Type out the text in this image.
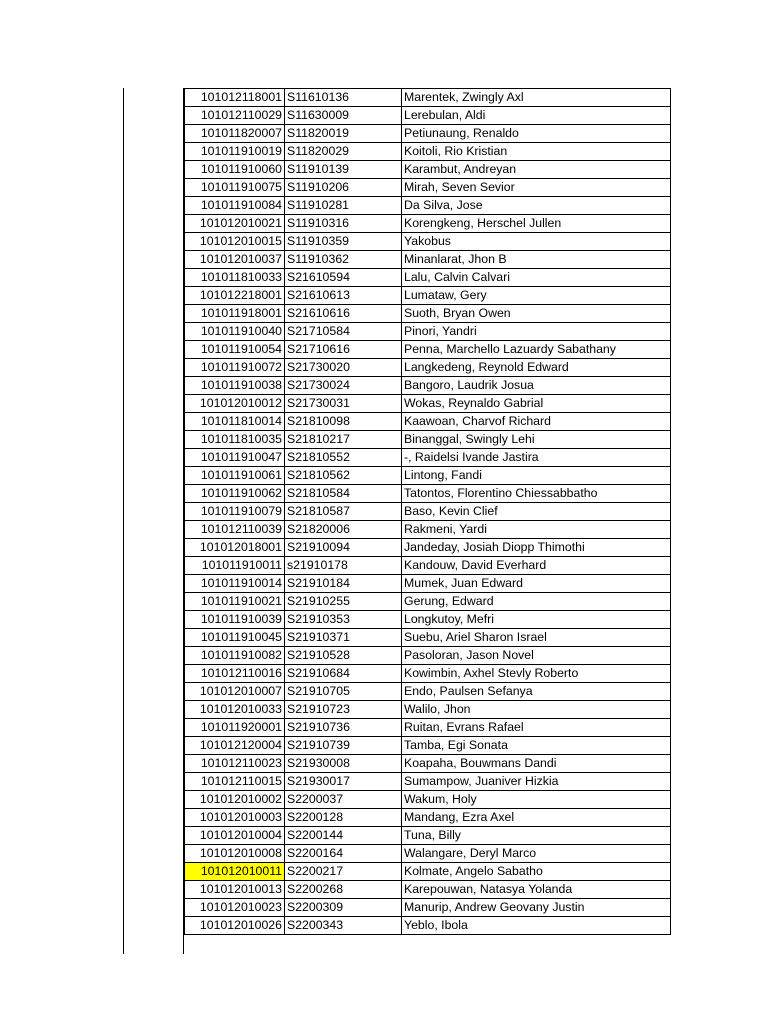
101012118001	S11610136	Marentek, Zwingly Axl
101012110029	S11630009	Lerebulan, Aldi
101011820007	S11820019	Petiunaung, Renaldo
101011910019	S11820029	Koitoli, Rio Kristian
101011910060	S11910139	Karambut, Andreyan
101011910075	S11910206	Mirah, Seven Sevior
101011910084	S11910281	Da Silva, Jose
101012010021	S11910316	Korengkeng, Herschel Jullen
101012010015	S11910359	Yakobus
101012010037	S11910362	Minanlarat, Jhon B
101011810033	S21610594	Lalu, Calvin Calvari
101012218001	S21610613	Lumataw, Gery
101011918001	S21610616	Suoth, Bryan Owen
101011910040	S21710584	Pinori, Yandri
101011910054	S21710616	Penna, Marchello Lazuardy Sabathany
101011910072	S21730020	Langkedeng, Reynold Edward
101011910038	S21730024	Bangoro, Laudrik Josua
101012010012	S21730031	Wokas, Reynaldo Gabrial
101011810014	S21810098	Kaawoan, Charvof Richard
101011810035	S21810217	Binanggal, Swingly Lehi
101011910047	S21810552	-, Raidelsi Ivande Jastira
101011910061	S21810562	Lintong, Fandi
101011910062	S21810584	Tatontos, Florentino Chiessabbatho
101011910079	S21810587	Baso, Kevin Clief
101012110039	S21820006	Rakmeni, Yardi
101012018001	S21910094	Jandeday, Josiah Diopp Thimothi
101011910011	s21910178	Kandouw, David Everhard
101011910014	S21910184	Mumek, Juan Edward
101011910021	S21910255	Gerung, Edward
101011910039	S21910353	Longkutoy, Mefri
101011910045	S21910371	Suebu, Ariel Sharon Israel
101011910082	S21910528	Pasoloran, Jason Novel
101012110016	S21910684	Kowimbin, Axhel Stevly Roberto
101012010007	S21910705	Endo, Paulsen Sefanya
101012010033	S21910723	Walilo, Jhon
101011920001	S21910736	Ruitan, Evrans Rafael
101012120004	S21910739	Tamba, Egi Sonata
101012110023	S21930008	Koapaha, Bouwmans Dandi
101012110015	S21930017	Sumampow, Juaniver Hizkia
101012010002	S2200037	Wakum, Holy
101012010003	S2200128	Mandang, Ezra Axel
101012010004	S2200144	Tuna, Billy
101012010008	S2200164	Walangare, Deryl Marco
101012010011	S2200217	Kolmate, Angelo Sabatho
101012010013	S2200268	Karepouwan, Natasya Yolanda
101012010023	S2200309	Manurip, Andrew Geovany Justin
101012010026	S2200343	Yeblo, Ibola
